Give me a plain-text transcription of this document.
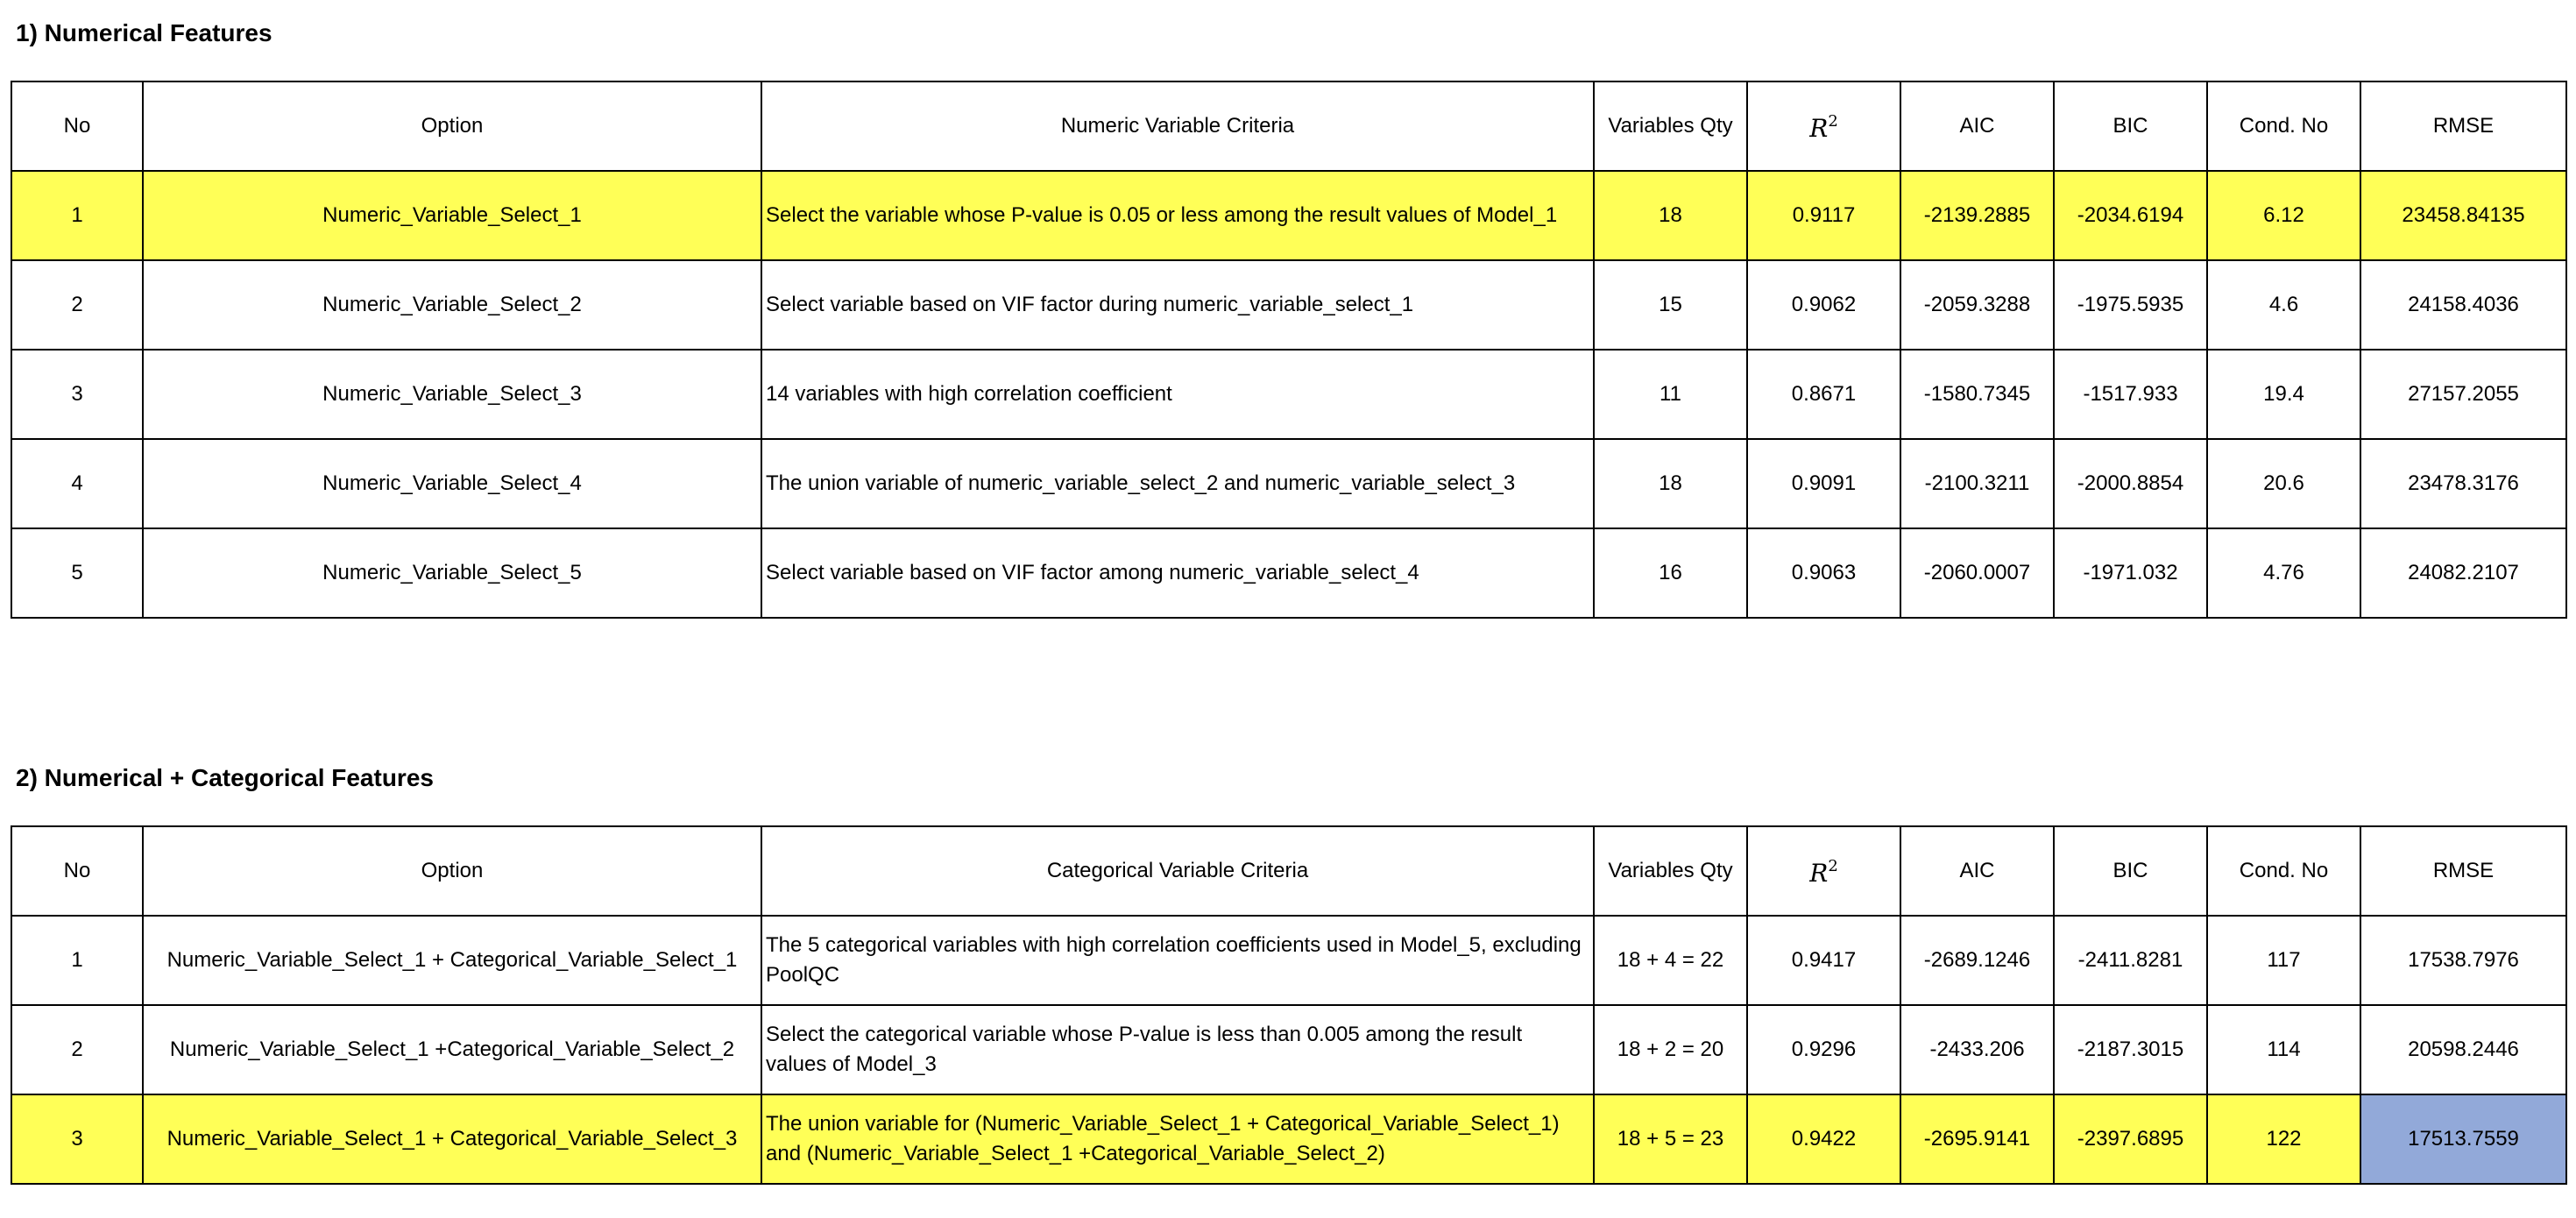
1) Numerical Features
No	Option	Numeric Variable Criteria	Variables Qty	$R^2$	AIC	BIC	Cond. No	RMSE
1	Numeric_Variable_Select_1	Select the variable whose P-value is 0.05 or less among the result values of Model_1	18	0.9117	-2139.2885	-2034.6194	6.12	23458.84135
2	Numeric_Variable_Select_2	Select variable based on VIF factor during numeric_variable_select_1	15	0.9062	-2059.3288	-1975.5935	4.6	24158.4036
3	Numeric_Variable_Select_3	14 variables with high correlation coefficient	11	0.8671	-1580.7345	-1517.933	19.4	27157.2055
4	Numeric_Variable_Select_4	The union variable of numeric_variable_select_2 and numeric_variable_select_3	18	0.9091	-2100.3211	-2000.8854	20.6	23478.3176
5	Numeric_Variable_Select_5	Select variable based on VIF factor among numeric_variable_select_4	16	0.9063	-2060.0007	-1971.032	4.76	24082.2107
2) Numerical + Categorical Features
No	Option	Categorical Variable Criteria	Variables Qty	$R^2$	AIC	BIC	Cond. No	RMSE
1	Numeric_Variable_Select_1 + Categorical_Variable_Select_1	The 5 categorical variables with high correlation coefficients used in Model_5, excluding PoolQC	18 + 4 = 22	0.9417	-2689.1246	-2411.8281	117	17538.7976
2	Numeric_Variable_Select_1 +Categorical_Variable_Select_2	Select the categorical variable whose P-value is less than 0.005 among the result values of Model_3	18 + 2 = 20	0.9296	-2433.206	-2187.3015	114	20598.2446
3	Numeric_Variable_Select_1 + Categorical_Variable_Select_3	The union variable for (Numeric_Variable_Select_1 + Categorical_Variable_Select_1) and (Numeric_Variable_Select_1 +Categorical_Variable_Select_2)	18 + 5 = 23	0.9422	-2695.9141	-2397.6895	122	17513.7559
